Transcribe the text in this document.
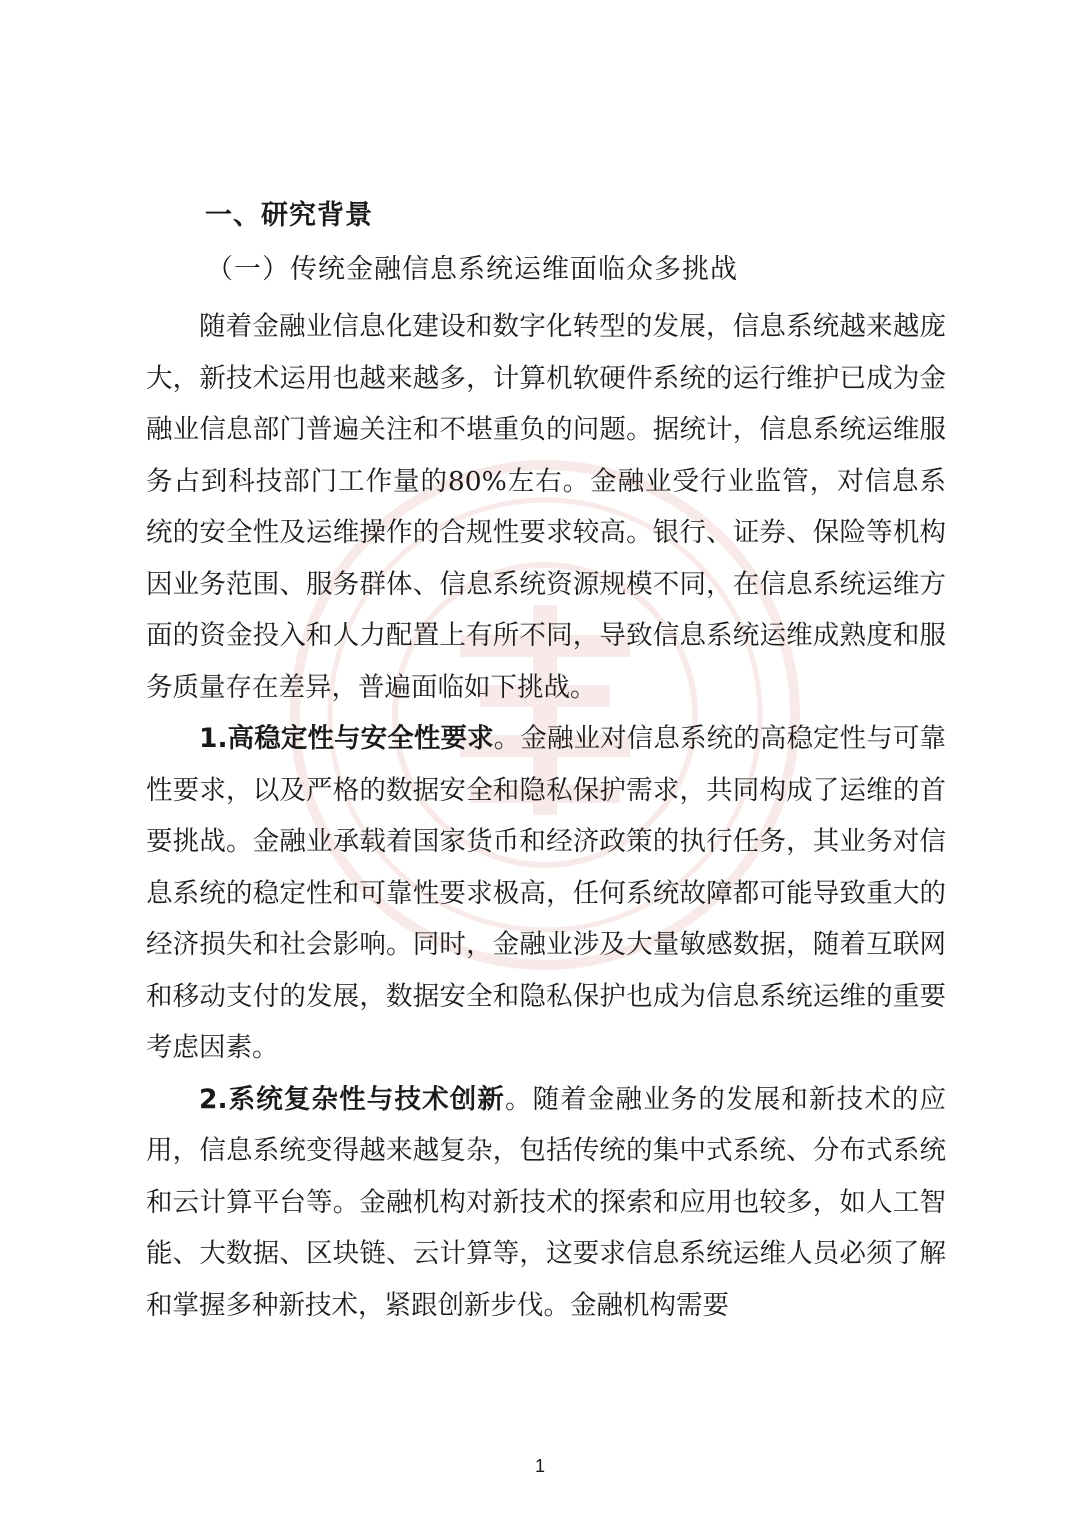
一、研究背景
（一）传统金融信息系统运维面临众多挑战

随着金融业信息化建设和数字化转型的发展，信息系统越来越庞大，新技术运用也越来越多，计算机软硬件系统的运行维护已成为金融业信息部门普遍关注和不堪重负的问题。据统计，信息系统运维服务占到科技部门工作量的80%左右。金融业受行业监管，对信息系统的安全性及运维操作的合规性要求较高。银行、证券、保险等机构因业务范围、服务群体、信息系统资源规模不同，在信息系统运维方面的资金投入和人力配置上有所不同，导致信息系统运维成熟度和服务质量存在差异，普遍面临如下挑战。

1.高稳定性与安全性要求。金融业对信息系统的高稳定性与可靠性要求，以及严格的数据安全和隐私保护需求，共同构成了运维的首要挑战。金融业承载着国家货币和经济政策的执行任务，其业务对信息系统的稳定性和可靠性要求极高，任何系统故障都可能导致重大的经济损失和社会影响。同时，金融业涉及大量敏感数据，随着互联网和移动支付的发展，数据安全和隐私保护也成为信息系统运维的重要考虑因素。

2.系统复杂性与技术创新。随着金融业务的发展和新技术的应用，信息系统变得越来越复杂，包括传统的集中式系统、分布式系统和云计算平台等。金融机构对新技术的探索和应用也较多，如人工智能、大数据、区块链、云计算等，这要求信息系统运维人员必须了解和掌握多种新技术，紧跟创新步伐。金融机构需要

1
